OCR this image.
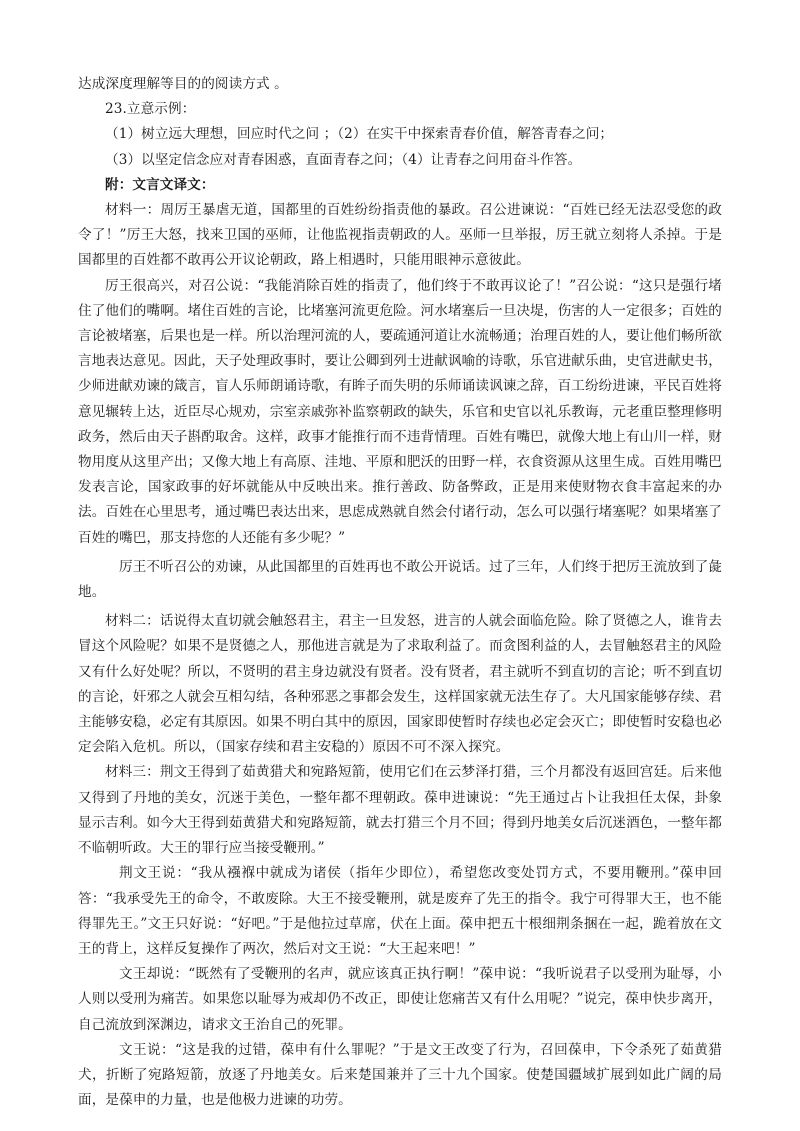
达成深度理解等目的的阅读方式 。

23.立意示例：

（1）树立远大理想，回应时代之问 ；（2）在实干中探索青春价值，解答青春之问；

（3）以坚定信念应对青春困惑，直面青春之问；（4）让青春之问用奋斗作答。

附：文言文译文：

材料一：周厉王暴虐无道，国都里的百姓纷纷指责他的暴政。召公进谏说：“百姓已经无法忍受您的政令了！”厉王大怒，找来卫国的巫师，让他监视指责朝政的人。巫师一旦举报，厉王就立刻将人杀掉。于是国都里的百姓都不敢再公开议论朝政，路上相遇时，只能用眼神示意彼此。

厉王很高兴，对召公说：“我能消除百姓的指责了，他们终于不敢再议论了！”召公说：“这只是强行堵住了他们的嘴啊。堵住百姓的言论，比堵塞河流更危险。河水堵塞后一旦决堤，伤害的人一定很多；百姓的言论被堵塞，后果也是一样。所以治理河流的人，要疏通河道让水流畅通；治理百姓的人，要让他们畅所欲言地表达意见。因此，天子处理政事时，要让公卿到列士进献讽喻的诗歌，乐官进献乐曲，史官进献史书，少师进献劝谏的箴言，盲人乐师朗诵诗歌，有眸子而失明的乐师诵读讽谏之辞，百工纷纷进谏，平民百姓将意见辗转上达，近臣尽心规劝，宗室亲戚弥补监察朝政的缺失，乐官和史官以礼乐教诲，元老重臣整理修明政务，然后由天子斟酌取舍。这样，政事才能推行而不违背情理。百姓有嘴巴，就像大地上有山川一样，财物用度从这里产出；又像大地上有高原、洼地、平原和肥沃的田野一样，衣食资源从这里生成。百姓用嘴巴发表言论，国家政事的好坏就能从中反映出来。推行善政、防备弊政，正是用来使财物衣食丰富起来的办法。百姓在心里思考，通过嘴巴表达出来，思虑成熟就自然会付诸行动，怎么可以强行堵塞呢？如果堵塞了百姓的嘴巴，那支持您的人还能有多少呢？”

厉王不听召公的劝谏，从此国都里的百姓再也不敢公开说话。过了三年，人们终于把厉王流放到了彘地。

材料二：话说得太直切就会触怒君主，君主一旦发怒，进言的人就会面临危险。除了贤德之人，谁肯去冒这个风险呢？如果不是贤德之人，那他进言就是为了求取利益了。而贪图利益的人，去冒触怒君主的风险又有什么好处呢？所以，不贤明的君主身边就没有贤者。没有贤者，君主就听不到直切的言论；听不到直切的言论，奸邪之人就会互相勾结，各种邪恶之事都会发生，这样国家就无法生存了。大凡国家能够存续、君主能够安稳，必定有其原因。如果不明白其中的原因，国家即使暂时存续也必定会灭亡；即使暂时安稳也必定会陷入危机。所以，（国家存续和君主安稳的）原因不可不深入探究。

材料三：荆文王得到了茹黄猎犬和宛路短箭，使用它们在云梦泽打猎，三个月都没有返回宫廷。后来他又得到了丹地的美女，沉迷于美色，一整年都不理朝政。葆申进谏说：“先王通过占卜让我担任太保，卦象显示吉利。如今大王得到茹黄猎犬和宛路短箭，就去打猎三个月不回；得到丹地美女后沉迷酒色，一整年都不临朝听政。大王的罪行应当接受鞭刑。”

荆文王说：“我从襁褓中就成为诸侯（指年少即位），希望您改变处罚方式，不要用鞭刑。”葆申回答：“我承受先王的命令，不敢废除。大王不接受鞭刑，就是废弃了先王的指令。我宁可得罪大王，也不能得罪先王。”文王只好说：“好吧。”于是他拉过草席，伏在上面。葆申把五十根细荆条捆在一起，跪着放在文王的背上，这样反复操作了两次，然后对文王说：“大王起来吧！”

文王却说：“既然有了受鞭刑的名声，就应该真正执行啊！”葆申说：“我听说君子以受刑为耻辱，小人则以受刑为痛苦。如果您以耻辱为戒却仍不改正，即使让您痛苦又有什么用呢？”说完，葆申快步离开，自己流放到深渊边，请求文王治自己的死罪。

文王说：“这是我的过错，葆申有什么罪呢？”于是文王改变了行为，召回葆申，下令杀死了茹黄猎犬，折断了宛路短箭，放逐了丹地美女。后来楚国兼并了三十九个国家。使楚国疆域扩展到如此广阔的局面，是葆申的力量，也是他极力进谏的功劳。
